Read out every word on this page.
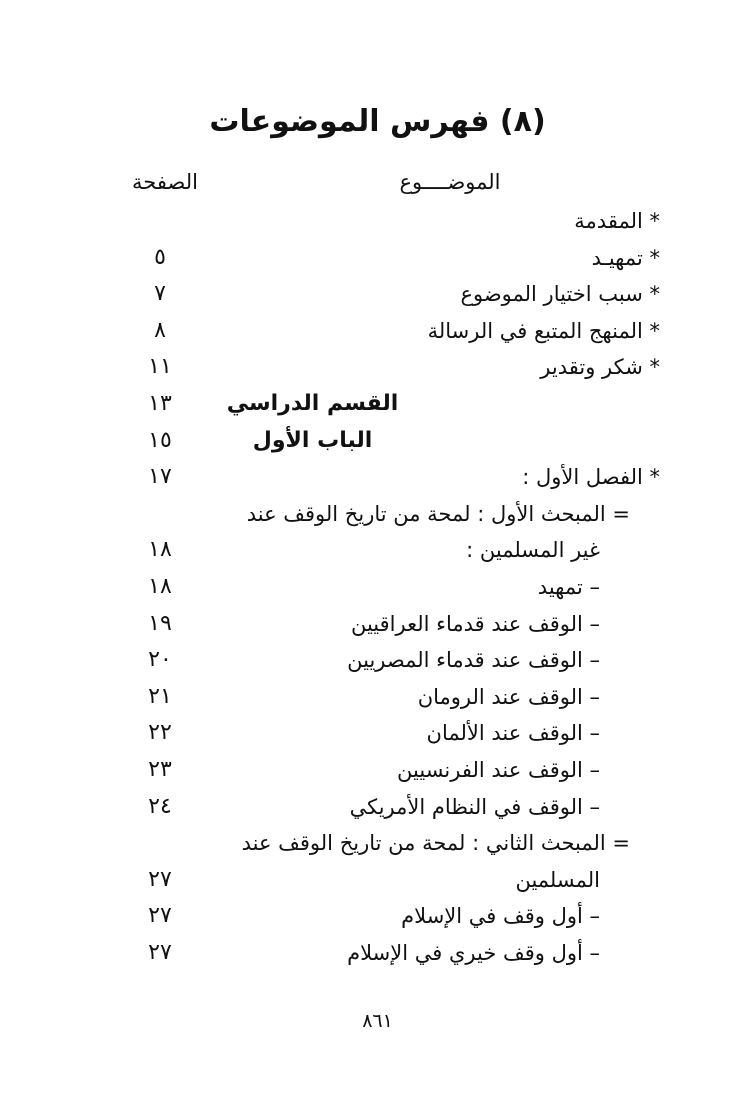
(٨) فهرس الموضوعات
الموضــــوع
الصفحة
* المقدمة
* تمهيـد
٥
* سبب اختيار الموضوع
٧
* المنهج المتبع في الرسالة
٨
* شكر وتقدير
١١
القسم الدراسي
١٣
الباب الأول
١٥
* الفصل الأول :
١٧
= المبحث الأول : لمحة من تاريخ الوقف عند
غير المسلمين :
١٨
– تمهيد
١٨
– الوقف عند قدماء العراقيين
١٩
– الوقف عند قدماء المصريين
٢٠
– الوقف عند الرومان
٢١
– الوقف عند الألمان
٢٢
– الوقف عند الفرنسيين
٢٣
– الوقف في النظام الأمريكي
٢٤
= المبحث الثاني : لمحة من تاريخ الوقف عند
المسلمين
٢٧
– أول وقف في الإسلام
٢٧
– أول وقف خيري في الإسلام
٢٧
٨٦١
